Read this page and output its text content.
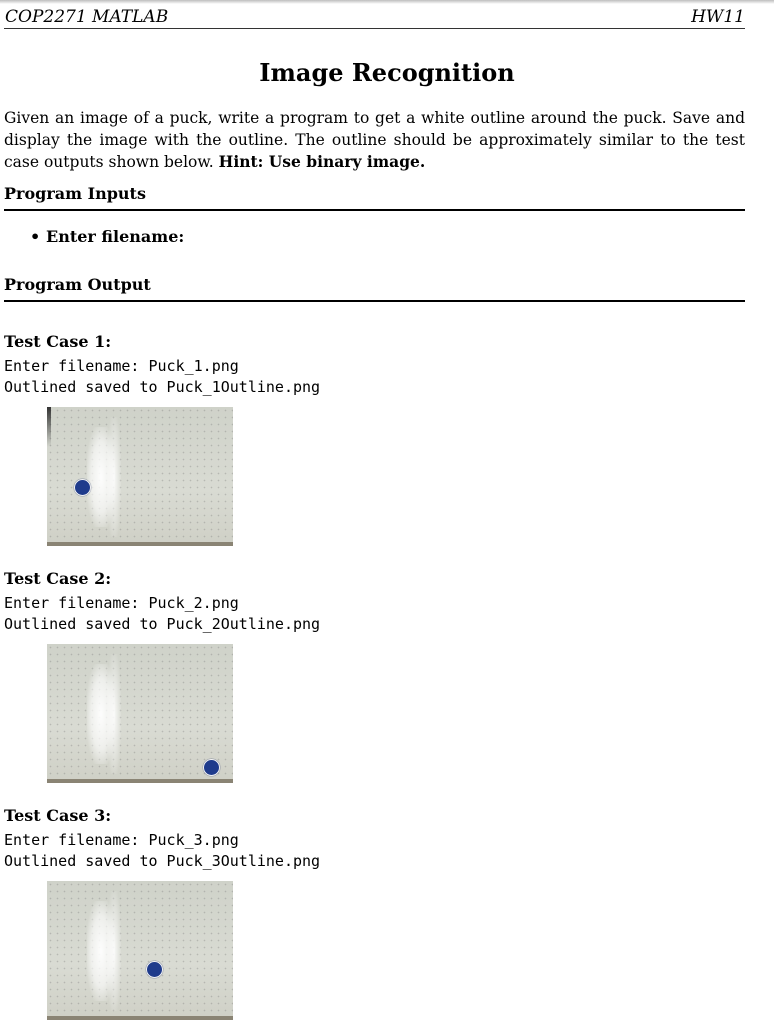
COP2271 MATLAB	HW11
Image Recognition
Given an image of a puck, write a program to get a white outline around the puck. Save and display the image with the outline. The outline should be approximately similar to the test case outputs shown below. Hint: Use binary image.
Program Inputs
• Enter filename:
Program Output
Test Case 1:
Enter filename: Puck_1.png
Outlined saved to Puck_1Outline.png
Test Case 2:
Enter filename: Puck_2.png
Outlined saved to Puck_2Outline.png
Test Case 3:
Enter filename: Puck_3.png
Outlined saved to Puck_3Outline.png
